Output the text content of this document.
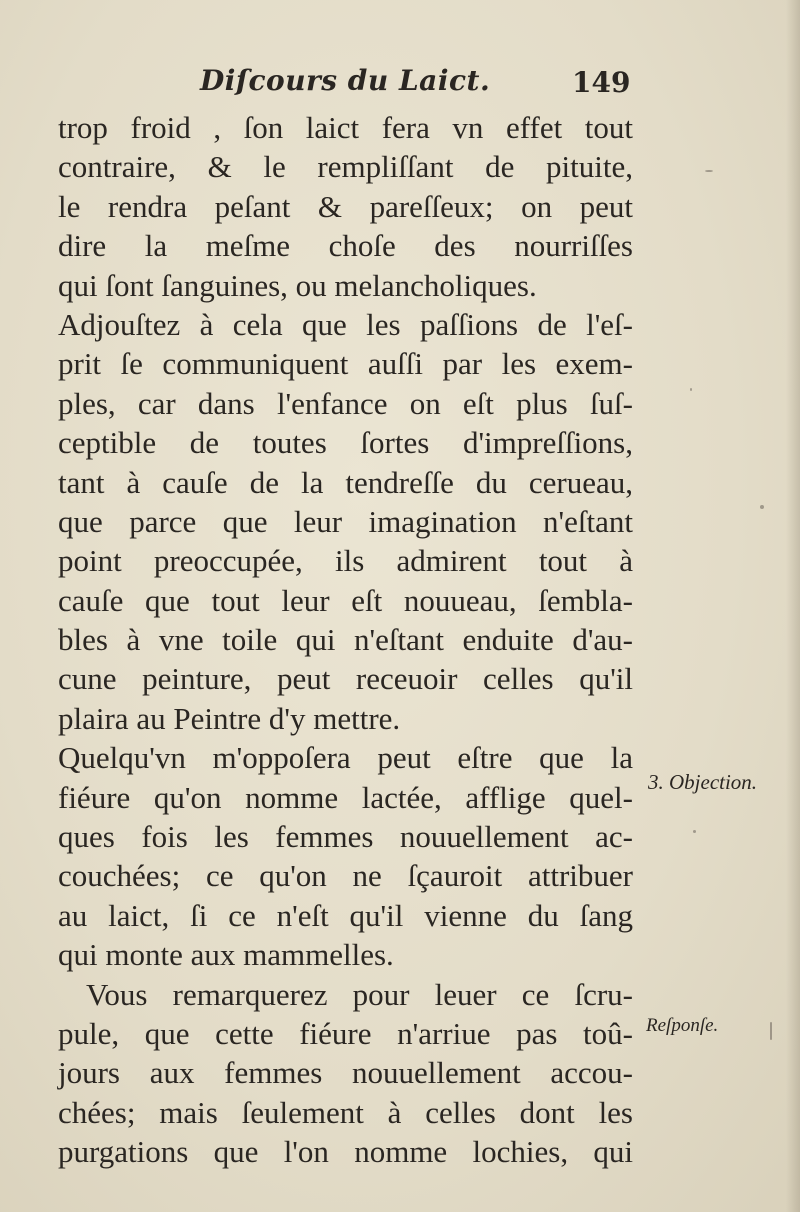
Diſcours du Laict.	149
trop froid , ſon laict fera vn effet tout
contraire, & le rempliſſant de pituite,
le rendra peſant & pareſſeux; on peut
dire la meſme choſe des nourriſſes
qui ſont ſanguines, ou melancholiques.
Adjouſtez à cela que les paſſions de l'eſ-
prit ſe communiquent auſſi par les exem-
ples, car dans l'enfance on eſt plus ſuſ-
ceptible de toutes ſortes d'impreſſions,
tant à cauſe de la tendreſſe du cerueau,
que parce que leur imagination n'eſtant
point preoccupée, ils admirent tout à
cauſe que tout leur eſt nouueau, ſembla-
bles à vne toile qui n'eſtant enduite d'au-
cune peinture, peut receuoir celles qu'il
plaira au Peintre d'y mettre.
Quelqu'vn m'oppoſera peut eſtre que la
fiéure qu'on nomme lactée, afflige quel-
ques fois les femmes nouuellement ac-
couchées; ce qu'on ne ſçauroit attribuer
au laict, ſi ce n'eſt qu'il vienne du ſang
qui monte aux mammelles.
Vous remarquerez pour leuer ce ſcru-
pule, que cette fiéure n'arriue pas toû-
jours aux femmes nouuellement accou-
chées; mais ſeulement à celles dont les
purgations que l'on nomme lochies, qui
3. Objection.
Reſponſe.
